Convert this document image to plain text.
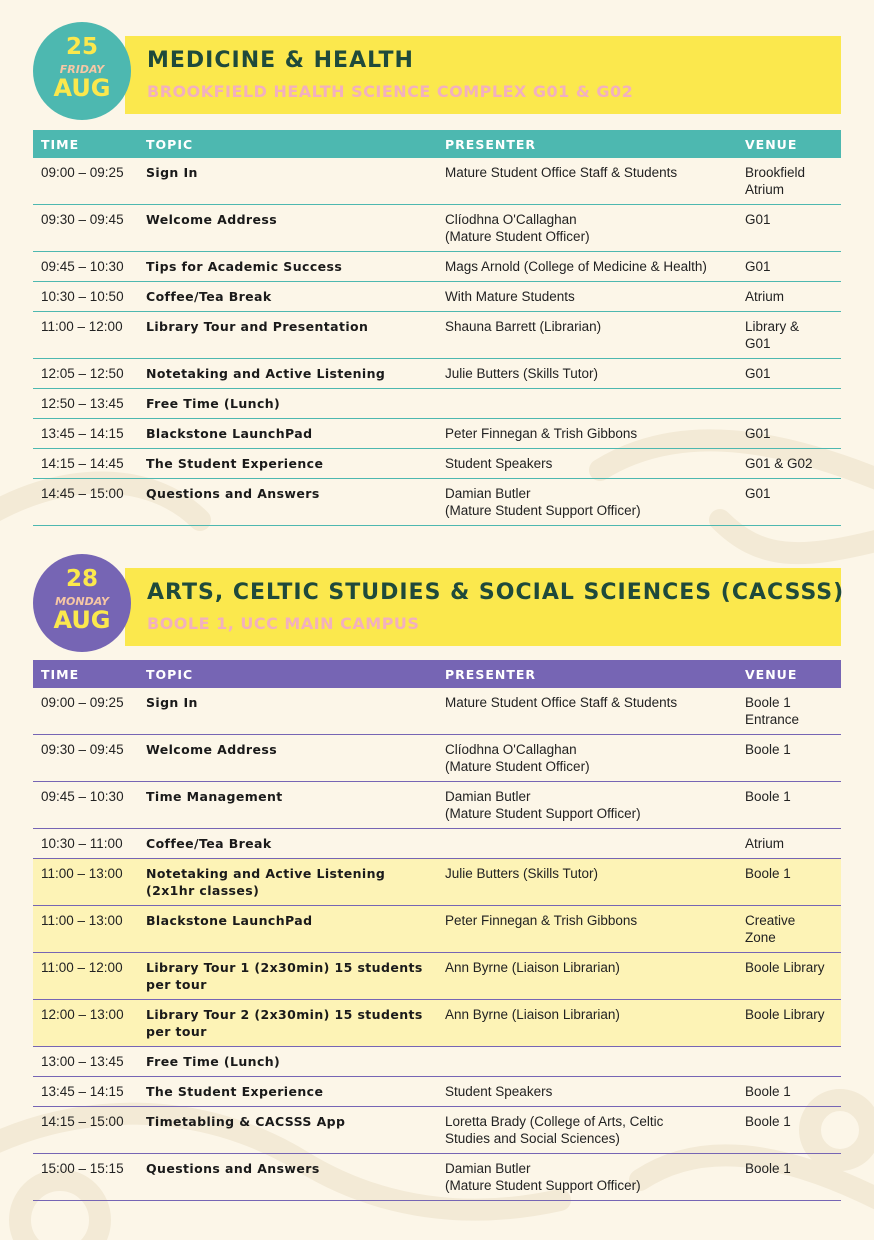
MEDICINE & HEALTH
BROOKFIELD HEALTH SCIENCE COMPLEX G01 & G02
25
FRIDAY
AUG
TIME	TOPIC	PRESENTER	VENUE
09:00 – 09:25	Sign In	Mature Student Office Staff & Students	Brookfield
Atrium
09:30 – 09:45	Welcome Address	Clíodhna O'Callaghan
(Mature Student Officer)	G01
09:45 – 10:30	Tips for Academic Success	Mags Arnold (College of Medicine & Health)	G01
10:30 – 10:50	Coffee/Tea Break	With Mature Students	Atrium
11:00 – 12:00	Library Tour and Presentation	Shauna Barrett (Librarian)	Library &
G01
12:05 – 12:50	Notetaking and Active Listening	Julie Butters (Skills Tutor)	G01
12:50 – 13:45	Free Time (Lunch)		
13:45 – 14:15	Blackstone LaunchPad	Peter Finnegan & Trish Gibbons	G01
14:15 – 14:45	The Student Experience	Student Speakers	G01 & G02
14:45 – 15:00	Questions and Answers	Damian Butler
(Mature Student Support Officer)	G01
ARTS, CELTIC STUDIES & SOCIAL SCIENCES (CACSSS)
BOOLE 1, UCC MAIN CAMPUS
28
MONDAY
AUG
TIME	TOPIC	PRESENTER	VENUE
09:00 – 09:25	Sign In	Mature Student Office Staff & Students	Boole 1
Entrance
09:30 – 09:45	Welcome Address	Clíodhna O'Callaghan
(Mature Student Officer)	Boole 1
09:45 – 10:30	Time Management	Damian Butler
(Mature Student Support Officer)	Boole 1
10:30 – 11:00	Coffee/Tea Break		Atrium
11:00 – 13:00	Notetaking and Active Listening
(2x1hr classes)	Julie Butters (Skills Tutor)	Boole 1
11:00 – 13:00	Blackstone LaunchPad	Peter Finnegan & Trish Gibbons	Creative
Zone
11:00 – 12:00	Library Tour 1 (2x30min) 15 students
per tour	Ann Byrne (Liaison Librarian)	Boole Library
12:00 – 13:00	Library Tour 2 (2x30min) 15 students
per tour	Ann Byrne (Liaison Librarian)	Boole Library
13:00 – 13:45	Free Time (Lunch)		
13:45 – 14:15	The Student Experience	Student Speakers	Boole 1
14:15 – 15:00	Timetabling & CACSSS App	Loretta Brady (College of Arts, Celtic
Studies and Social Sciences)	Boole 1
15:00 – 15:15	Questions and Answers	Damian Butler
(Mature Student Support Officer)	Boole 1
